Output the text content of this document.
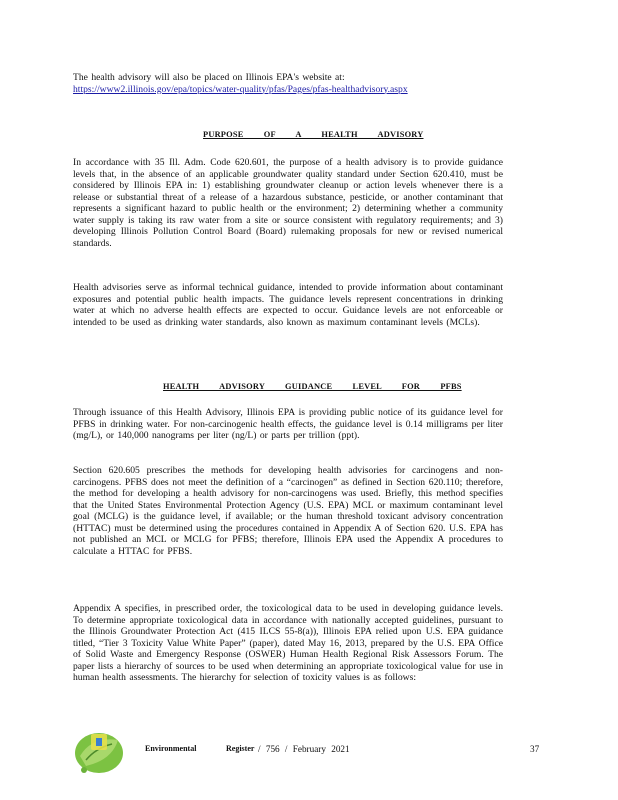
The health advisory will also be placed on Illinois EPA's website at:

https://www2.illinois.gov/epa/topics/water-quality/pfas/Pages/pfas-healthadvisory.aspx
PURPOSE OF A HEALTH ADVISORY

In accordance with 35 Ill. Adm. Code 620.601, the purpose of a health advisory is to provide guidance levels that, in the absence of an applicable groundwater quality standard under Section 620.410, must be considered by Illinois EPA in: 1) establishing groundwater cleanup or action levels whenever there is a release or substantial threat of a release of a hazardous substance, pesticide, or another contaminant that represents a significant hazard to public health or the environment; 2) determining whether a community water supply is taking its raw water from a site or source consistent with regulatory requirements; and 3) developing Illinois Pollution Control Board (Board) rulemaking proposals for new or revised numerical standards.

Health advisories serve as informal technical guidance, intended to provide information about contaminant exposures and potential public health impacts. The guidance levels represent concentrations in drinking water at which no adverse health effects are expected to occur. Guidance levels are not enforceable or intended to be used as drinking water standards, also known as maximum contaminant levels (MCLs).

HEALTH ADVISORY GUIDANCE LEVEL FOR PFBS

Through issuance of this Health Advisory, Illinois EPA is providing public notice of its guidance level for PFBS in drinking water. For non-carcinogenic health effects, the guidance level is 0.14 milligrams per liter (mg/L), or 140,000 nanograms per liter (ng/L) or parts per trillion (ppt).

Section 620.605 prescribes the methods for developing health advisories for carcinogens and non-carcinogens. PFBS does not meet the definition of a “carcinogen” as defined in Section 620.110; therefore, the method for developing a health advisory for non-carcinogens was used. Briefly, this method specifies that the United States Environmental Protection Agency (U.S. EPA) MCL or maximum contaminant level goal (MCLG) is the guidance level, if available; or the human threshold toxicant advisory concentration (HTTAC) must be determined using the procedures contained in Appendix A of Section 620. U.S. EPA has not published an MCL or MCLG for PFBS; therefore, Illinois EPA used the Appendix A procedures to calculate a HTTAC for PFBS.

Appendix A specifies, in prescribed order, the toxicological data to be used in developing guidance levels. To determine appropriate toxicological data in accordance with nationally accepted guidelines, pursuant to the Illinois Groundwater Protection Act (415 ILCS 55-8(a)), Illinois EPA relied upon U.S. EPA guidance titled, “Tier 3 Toxicity Value White Paper” (paper), dated May 16, 2013, prepared by the U.S. EPA Office of Solid Waste and Emergency Response (OSWER) Human Health Regional Risk Assessors Forum. The paper lists a hierarchy of sources to be used when determining an appropriate toxicological value for use in human health assessments. The hierarchy for selection of toxicity values is as follows:

Environmental	Register / 756 / February 2021	37
